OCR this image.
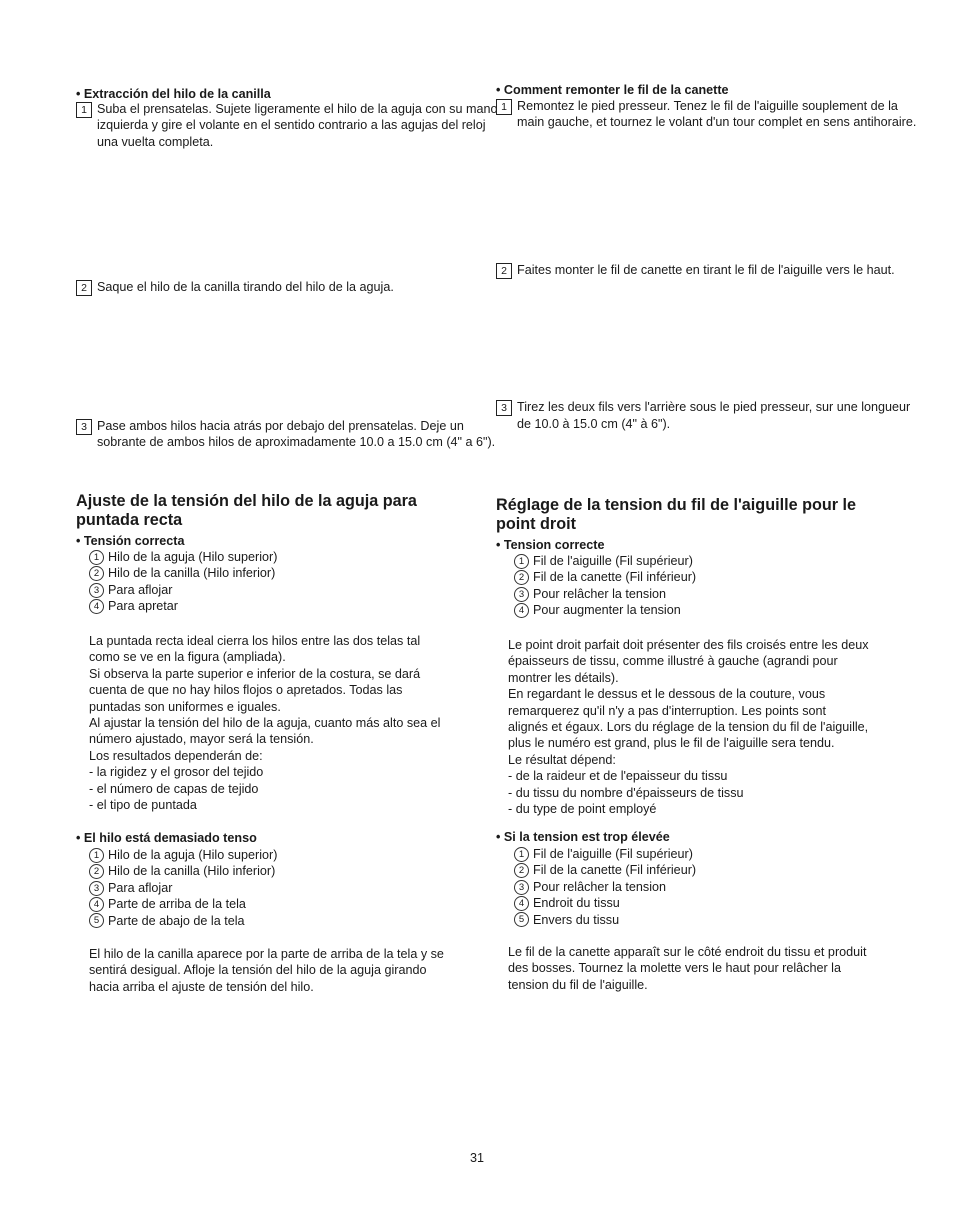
• Extracción del hilo de la canilla
1 Suba el prensatelas. Sujete ligeramente el hilo de la aguja con su mano izquierda y gire el volante en el sentido contrario a las agujas del reloj una vuelta completa.
2 Saque el hilo de la canilla tirando del hilo de la aguja.
3 Pase ambos hilos hacia atrás por debajo del prensatelas. Deje un sobrante de ambos hilos de aproximadamente 10.0 a 15.0 cm (4" a 6").
Ajuste de la tensión del hilo de la aguja para puntada recta
• Tensión correcta
1 Hilo de la aguja (Hilo superior)
2 Hilo de la canilla (Hilo inferior)
3 Para aflojar
4 Para apretar
La puntada recta ideal cierra los hilos entre las dos telas tal
como se ve en la figura (ampliada).
Si observa la parte superior e inferior de la costura, se dará
cuenta de que no hay hilos flojos o apretados. Todas las
puntadas son uniformes e iguales.
Al ajustar la tensión del hilo de la aguja, cuanto más alto sea el
número ajustado, mayor será la tensión.
Los resultados dependerán de:
- la rigidez y el grosor del tejido
- el número de capas de tejido
- el tipo de puntada
• El hilo está demasiado tenso
1 Hilo de la aguja (Hilo superior)
2 Hilo de la canilla (Hilo inferior)
3 Para aflojar
4 Parte de arriba de la tela
5 Parte de abajo de la tela
El hilo de la canilla aparece por la parte de arriba de la tela y se
sentirá desigual. Afloje la tensión del hilo de la aguja girando
hacia arriba el ajuste de tensión del hilo.
• Comment remonter le fil de la canette
1 Remontez le pied presseur. Tenez le fil de l'aiguille souplement de la main gauche, et tournez le volant d'un tour complet en sens antihoraire.
2 Faites monter le fil de canette en tirant le fil de l'aiguille vers le haut.
3 Tirez les deux fils vers l'arrière sous le pied presseur, sur une longueur de 10.0 à 15.0 cm (4" à 6").
Réglage de la tension du fil de l'aiguille pour le point droit
• Tension correcte
1 Fil de l'aiguille (Fil supérieur)
2 Fil de la canette (Fil inférieur)
3 Pour relâcher la tension
4 Pour augmenter la tension
Le point droit parfait doit présenter des fils croisés entre les deux
épaisseurs de tissu, comme illustré à gauche (agrandi pour
montrer les détails).
En regardant le dessus et le dessous de la couture, vous
remarquerez qu'il n'y a pas d'interruption. Les points sont
alignés et égaux. Lors du réglage de la tension du fil de l'aiguille,
plus le numéro est grand, plus le fil de l'aiguille sera tendu.
Le résultat dépend:
- de la raideur et de l'epaisseur du tissu
- du tissu du nombre d'épaisseurs de tissu
- du type de point employé
• Si la tension est trop élevée
1 Fil de l'aiguille (Fil supérieur)
2 Fil de la canette (Fil inférieur)
3 Pour relâcher la tension
4 Endroit du tissu
5 Envers du tissu
Le fil de la canette apparaît sur le côté endroit du tissu et produit
des bosses. Tournez la molette vers le haut pour relâcher la
tension du fil de l'aiguille.
31
